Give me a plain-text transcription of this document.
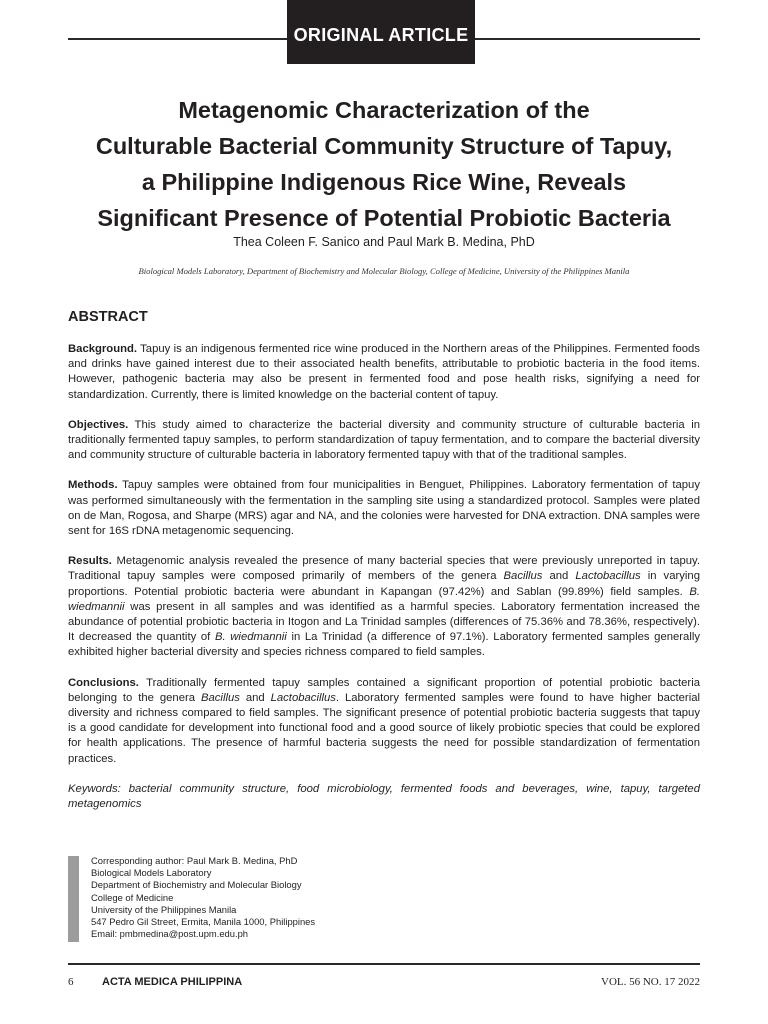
ORIGINAL ARTICLE
Metagenomic Characterization of the
Culturable Bacterial Community Structure of Tapuy,
a Philippine Indigenous Rice Wine, Reveals
Significant Presence of Potential Probiotic Bacteria
Thea Coleen F. Sanico and Paul Mark B. Medina, PhD
Biological Models Laboratory, Department of Biochemistry and Molecular Biology, College of Medicine, University of the Philippines Manila
ABSTRACT

Background. Tapuy is an indigenous fermented rice wine produced in the Northern areas of the Philippines. Fermented foods and drinks have gained interest due to their associated health benefits, attributable to probiotic bacteria in the food items. However, pathogenic bacteria may also be present in fermented food and pose health risks, signifying a need for standardization. Currently, there is limited knowledge on the bacterial content of tapuy.

Objectives. This study aimed to characterize the bacterial diversity and community structure of culturable bacteria in traditionally fermented tapuy samples, to perform standardization of tapuy fermentation, and to compare the bacterial diversity and community structure of culturable bacteria in laboratory fermented tapuy with that of the traditional samples.

Methods. Tapuy samples were obtained from four municipalities in Benguet, Philippines. Laboratory fermentation of tapuy was performed simultaneously with the fermentation in the sampling site using a standardized protocol. Samples were plated on de Man, Rogosa, and Sharpe (MRS) agar and NA, and the colonies were harvested for DNA extraction. DNA samples were sent for 16S rDNA metagenomic sequencing.

Results. Metagenomic analysis revealed the presence of many bacterial species that were previously unreported in tapuy. Traditional tapuy samples were composed primarily of members of the genera Bacillus and Lactobacillus in varying proportions. Potential probiotic bacteria were abundant in Kapangan (97.42%) and Sablan (99.89%) field samples. B. wiedmannii was present in all samples and was identified as a harmful species. Laboratory fermentation increased the abundance of potential probiotic bacteria in Itogon and La Trinidad samples (differences of 75.36% and 78.36%, respectively). It decreased the quantity of B. wiedmannii in La Trinidad (a difference of 97.1%). Laboratory fermented samples generally exhibited higher bacterial diversity and species richness compared to field samples.

Conclusions. Traditionally fermented tapuy samples contained a significant proportion of potential probiotic bacteria belonging to the genera Bacillus and Lactobacillus. Laboratory fermented samples were found to have higher bacterial diversity and richness compared to field samples. The significant presence of potential probiotic bacteria suggests that tapuy is a good candidate for development into functional food and a good source of likely probiotic species that could be explored for health applications. The presence of harmful bacteria suggests the need for possible standardization of fermentation practices.

Keywords: bacterial community structure, food microbiology, fermented foods and beverages, wine, tapuy, targeted metagenomics

Corresponding author: Paul Mark B. Medina, PhD
Biological Models Laboratory
Department of Biochemistry and Molecular Biology
College of Medicine
University of the Philippines Manila
547 Pedro Gil Street, Ermita, Manila 1000, Philippines
Email: pmbmedina@post.upm.edu.ph
6	ACTA MEDICA PHILIPPINA	VOL. 56 NO. 17 2022
